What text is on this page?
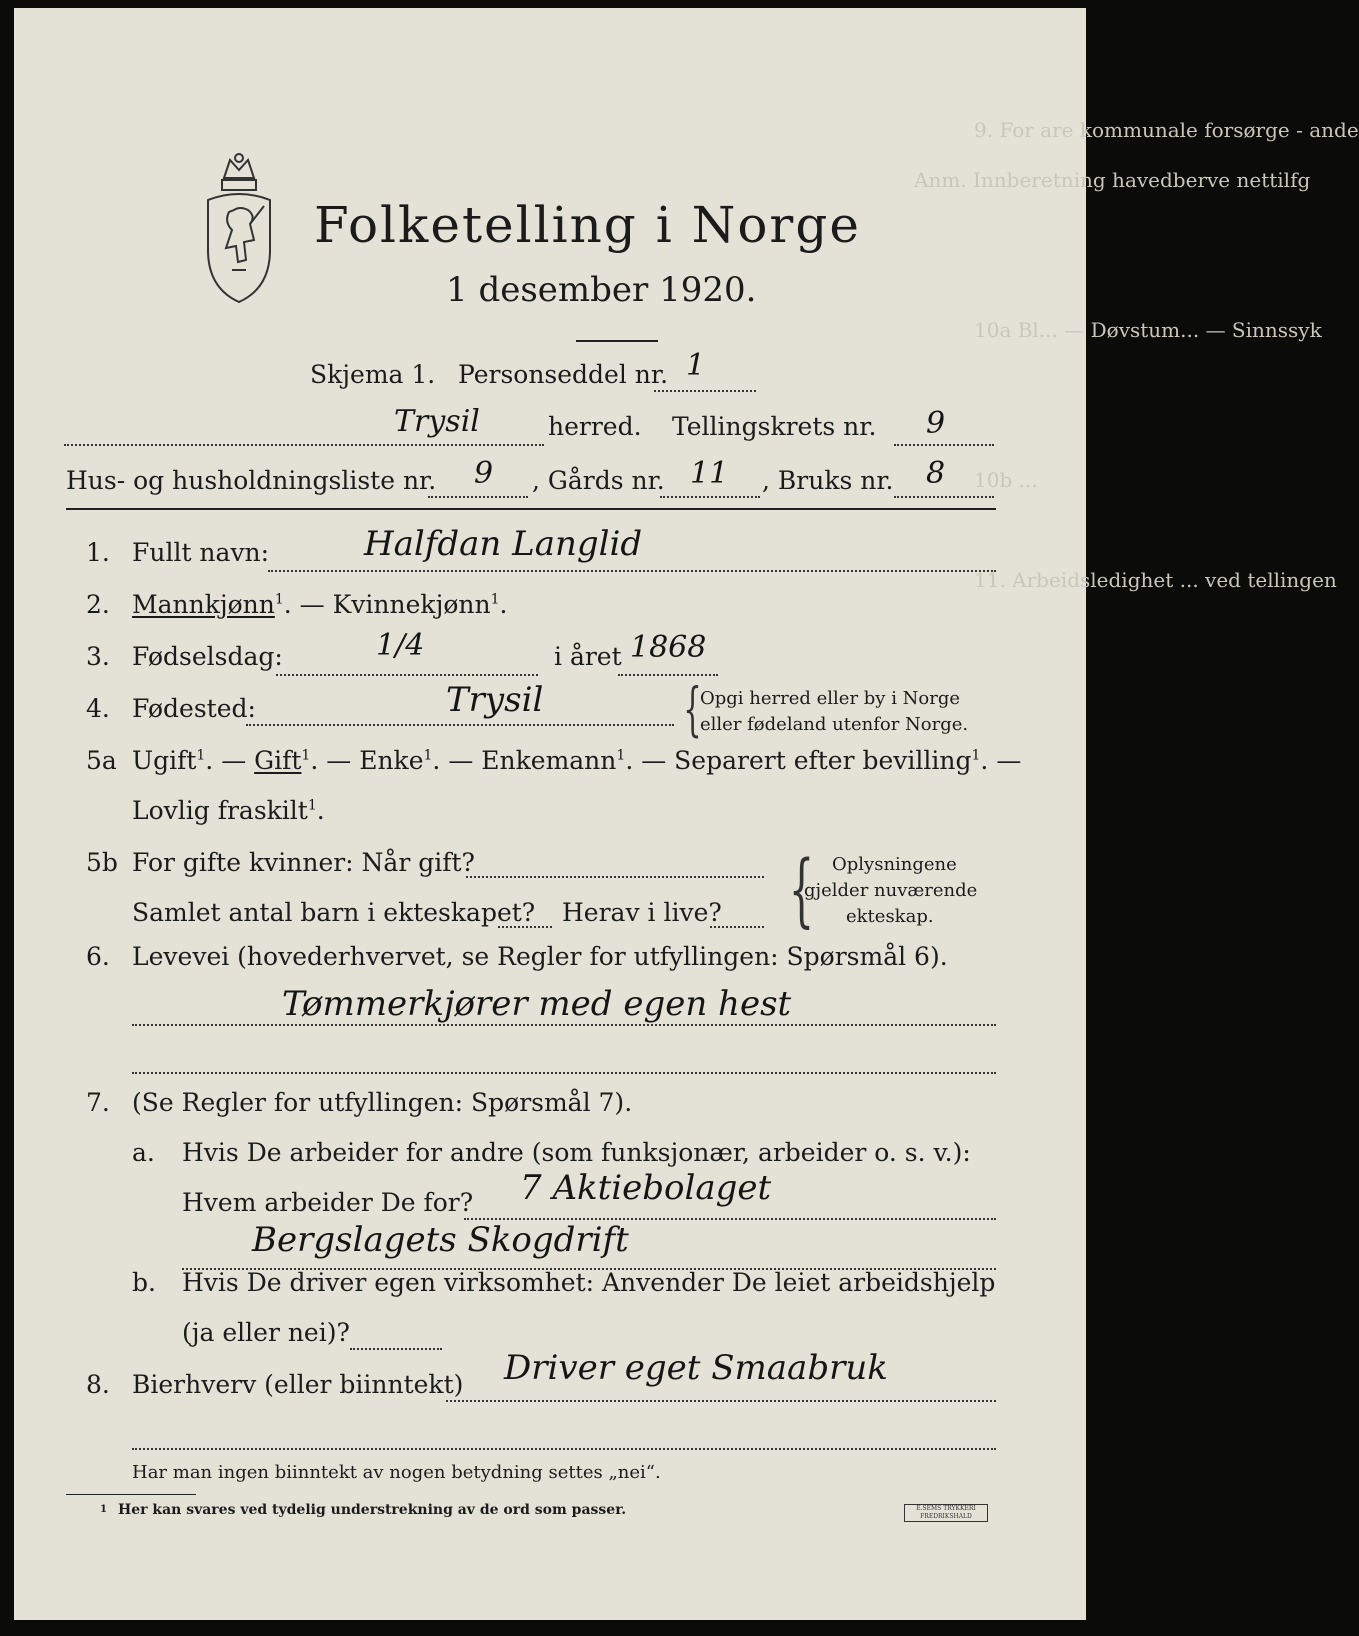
9. For are kommunale forsørge - ande
Anm. Innberetning havedberve nettilfg
10a Bl... — Døvstum... — Sinnssyk
10b ...
11. Arbeidsledighet ... ved tellingen
Folketelling i Norge
1 desember 1920.
Skjema 1. Personseddel nr. 1
Trysil	herred. Tellingskrets nr. 9
Hus- og husholdningsliste nr. 9 , Gårds nr. 11 , Bruks nr. 8
1. Fullt navn:	Halfdan Langlid
2. Mannkjønn$^1$. — Kvinnekjønn$^1$.
3. Fødselsdag:	1/4	i året 1868
4. Fødested:	Trysil {
Opgi herred eller by i Norge
eller fødeland utenfor Norge.
5a Ugift$^1$. — Gift$^1$. — Enke$^1$. — Enkemann$^1$. — Separert efter bevilling$^1$. —
Lovlig fraskilt$^1$.
5b For gifte kvinner: Når gift?
Samlet antal barn i ekteskapet? Herav i live? { Oplysningene
gjelder nuværende
ekteskap.
6. Levevei (hovederhvervet, se Regler for utfyllingen: Spørsmål 6).
Tømmerkjører med egen hest
7. (Se Regler for utfyllingen: Spørsmål 7).
a. Hvis De arbeider for andre (som funksjonær, arbeider o. s. v.):
Hvem arbeider De for? 7 Aktiebolaget
Bergslagets Skogdrift
b. Hvis De driver egen virksomhet: Anvender De leiet arbeidshjelp
(ja eller nei)?
8. Bierhverv (eller biinntekt) Driver eget Smaabruk
Har man ingen biinntekt av nogen betydning settes „nei“.
1 Her kan svares ved tydelig understrekning av de ord som passer.	E.SEMS TRYKKERI FREDRIKSHALD
